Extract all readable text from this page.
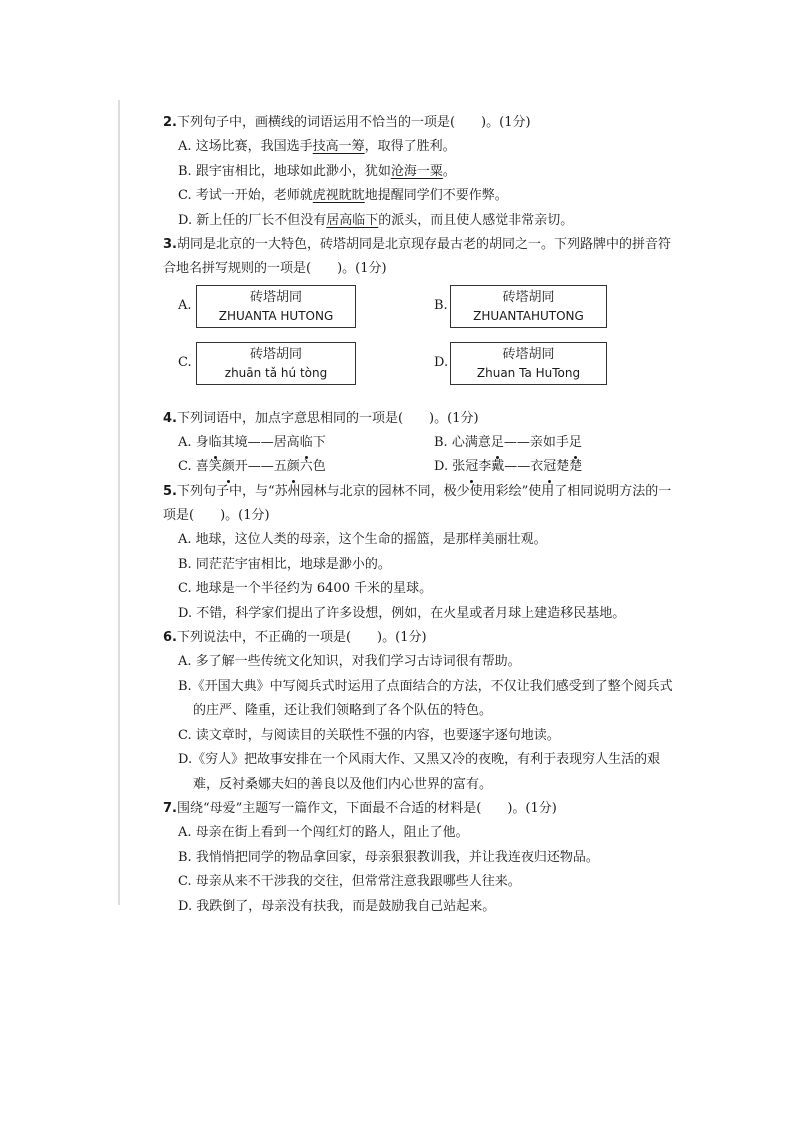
2.下列句子中，画横线的词语运用不恰当的一项是(　　)。(1分)
A. 这场比赛，我国选手技高一筹，取得了胜利。
B. 跟宇宙相比，地球如此渺小，犹如沧海一粟。
C. 考试一开始，老师就虎视眈眈地提醒同学们不要作弊。
D. 新上任的厂长不但没有居高临下的派头，而且使人感觉非常亲切。
3.胡同是北京的一大特色，砖塔胡同是北京现存最古老的胡同之一。下列路牌中的拼音符合地名拼写规则的一项是(　　)。(1分)
A.
砖塔胡同
ZHUANTA HUTONG
B.
砖塔胡同
ZHUANTAHUTONG
C.
砖塔胡同
zhuān tǎ hú tòng
D.
砖塔胡同
Zhuan Ta HuTong
4.下列词语中，加点字意思相同的一项是(　　)。(1分)
A. 身临其境——居高临下	B. 心满意足——亲如手足
C. 喜笑颜开——五颜六色	D. 张冠李戴——衣冠楚楚
5.下列句子中，与“苏州园林与北京的园林不同，极少使用彩绘”使用了相同说明方法的一项是(　　)。(1分)
A. 地球，这位人类的母亲，这个生命的摇篮，是那样美丽壮观。
B. 同茫茫宇宙相比，地球是渺小的。
C. 地球是一个半径约为 6400 千米的星球。
D. 不错，科学家们提出了许多设想，例如，在火星或者月球上建造移民基地。
6.下列说法中，不正确的一项是(　　)。(1分)
A. 多了解一些传统文化知识，对我们学习古诗词很有帮助。
B.《开国大典》中写阅兵式时运用了点面结合的方法，不仅让我们感受到了整个阅兵式的庄严、隆重，还让我们领略到了各个队伍的特色。
C. 读文章时，与阅读目的关联性不强的内容，也要逐字逐句地读。
D.《穷人》把故事安排在一个风雨大作、又黑又冷的夜晚，有利于表现穷人生活的艰难，反衬桑娜夫妇的善良以及他们内心世界的富有。
7.围绕“母爱”主题写一篇作文，下面最不合适的材料是(　　)。(1分)
A. 母亲在街上看到一个闯红灯的路人，阻止了他。
B. 我悄悄把同学的物品拿回家，母亲狠狠教训我，并让我连夜归还物品。
C. 母亲从来不干涉我的交往，但常常注意我跟哪些人往来。
D. 我跌倒了，母亲没有扶我，而是鼓励我自己站起来。
